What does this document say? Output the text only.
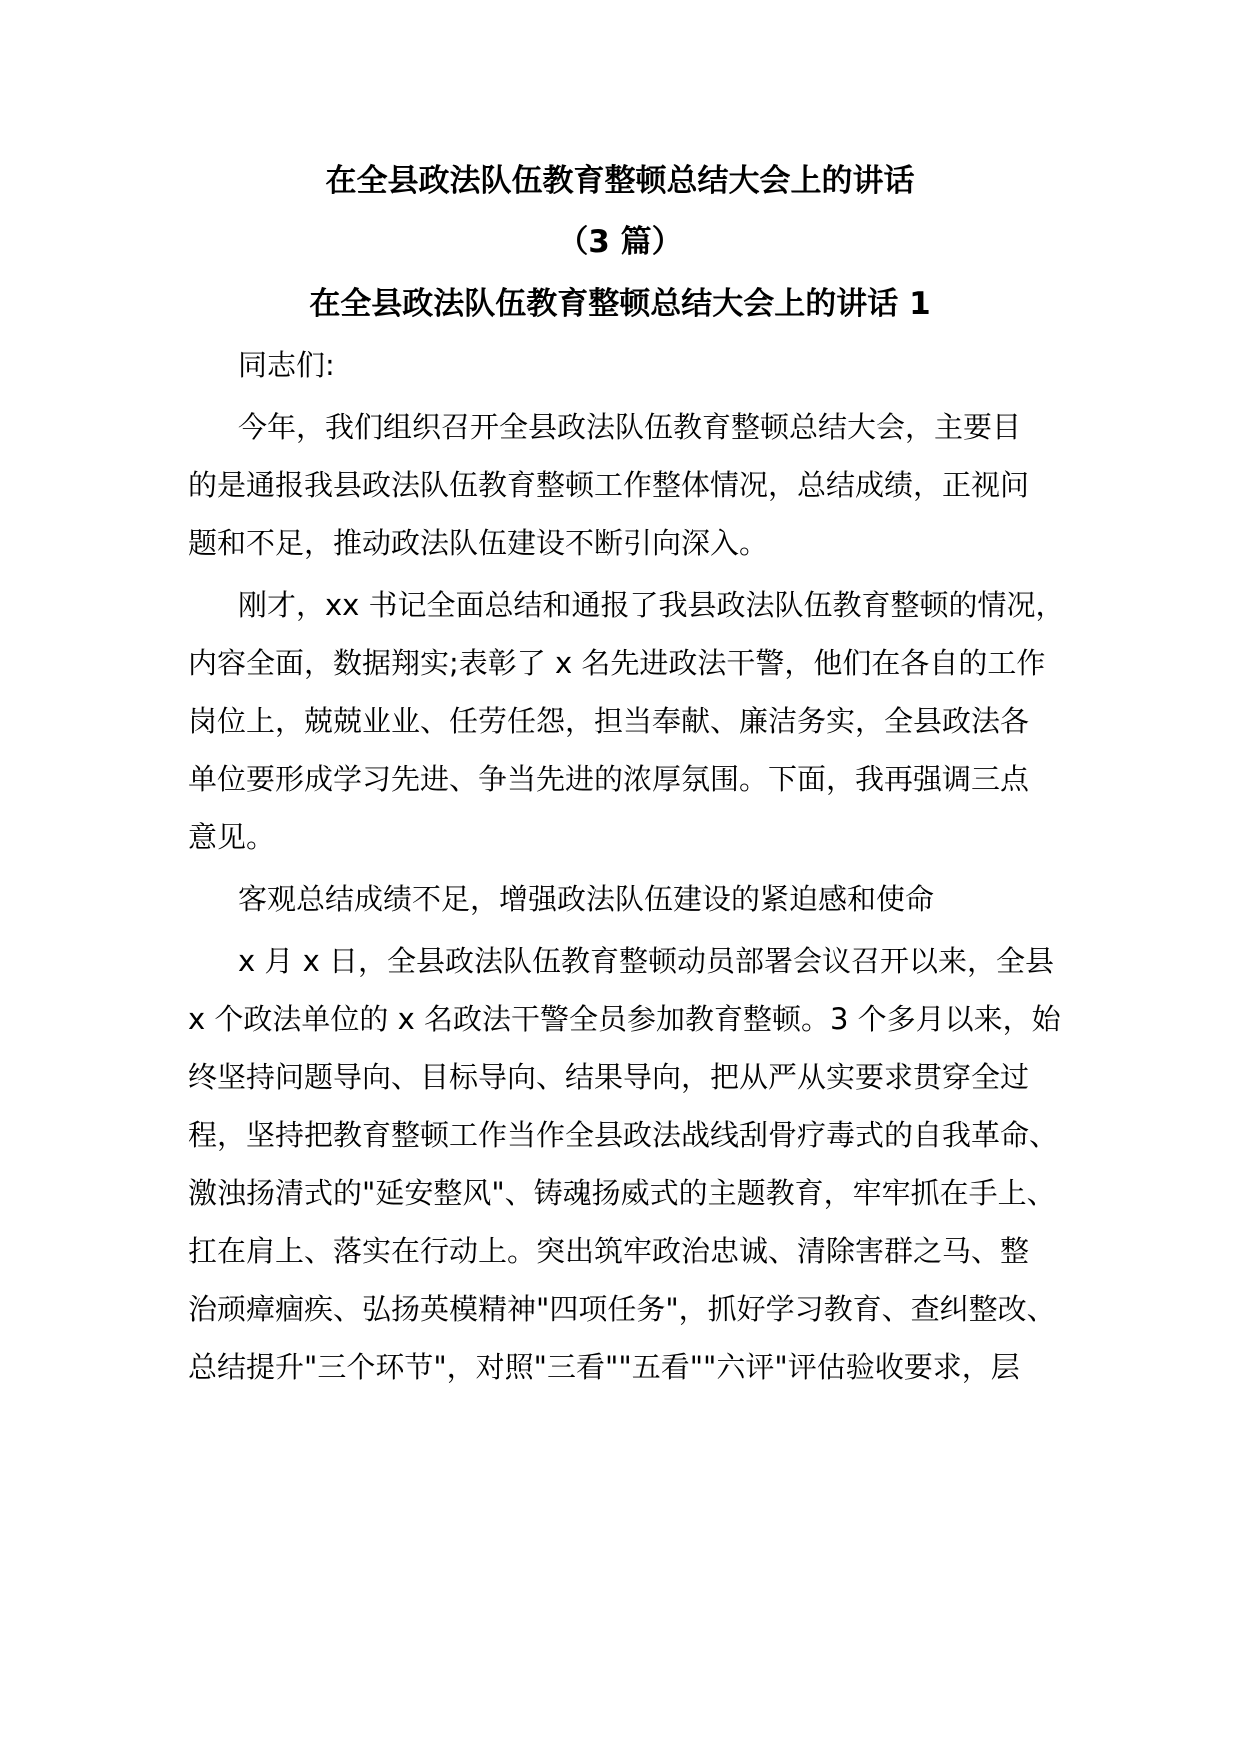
在全县政法队伍教育整顿总结大会上的讲话
（3 篇）
在全县政法队伍教育整顿总结大会上的讲话 1
同志们:
今年，我们组织召开全县政法队伍教育整顿总结大会，主要目
的是通报我县政法队伍教育整顿工作整体情况，总结成绩，正视问
题和不足，推动政法队伍建设不断引向深入。
刚才，xx 书记全面总结和通报了我县政法队伍教育整顿的情况，
内容全面，数据翔实;表彰了 x 名先进政法干警，他们在各自的工作
岗位上，兢兢业业、任劳任怨，担当奉献、廉洁务实，全县政法各
单位要形成学习先进、争当先进的浓厚氛围。下面，我再强调三点
意见。
客观总结成绩不足，增强政法队伍建设的紧迫感和使命
x 月 x 日，全县政法队伍教育整顿动员部署会议召开以来，全县
x 个政法单位的 x 名政法干警全员参加教育整顿。3 个多月以来，始
终坚持问题导向、目标导向、结果导向，把从严从实要求贯穿全过
程，坚持把教育整顿工作当作全县政法战线刮骨疗毒式的自我革命、
激浊扬清式的"延安整风"、铸魂扬威式的主题教育，牢牢抓在手上、
扛在肩上、落实在行动上。突出筑牢政治忠诚、清除害群之马、整
治顽瘴痼疾、弘扬英模精神"四项任务"，抓好学习教育、查纠整改、
总结提升"三个环节"，对照"三看""五看""六评"评估验收要求，层
